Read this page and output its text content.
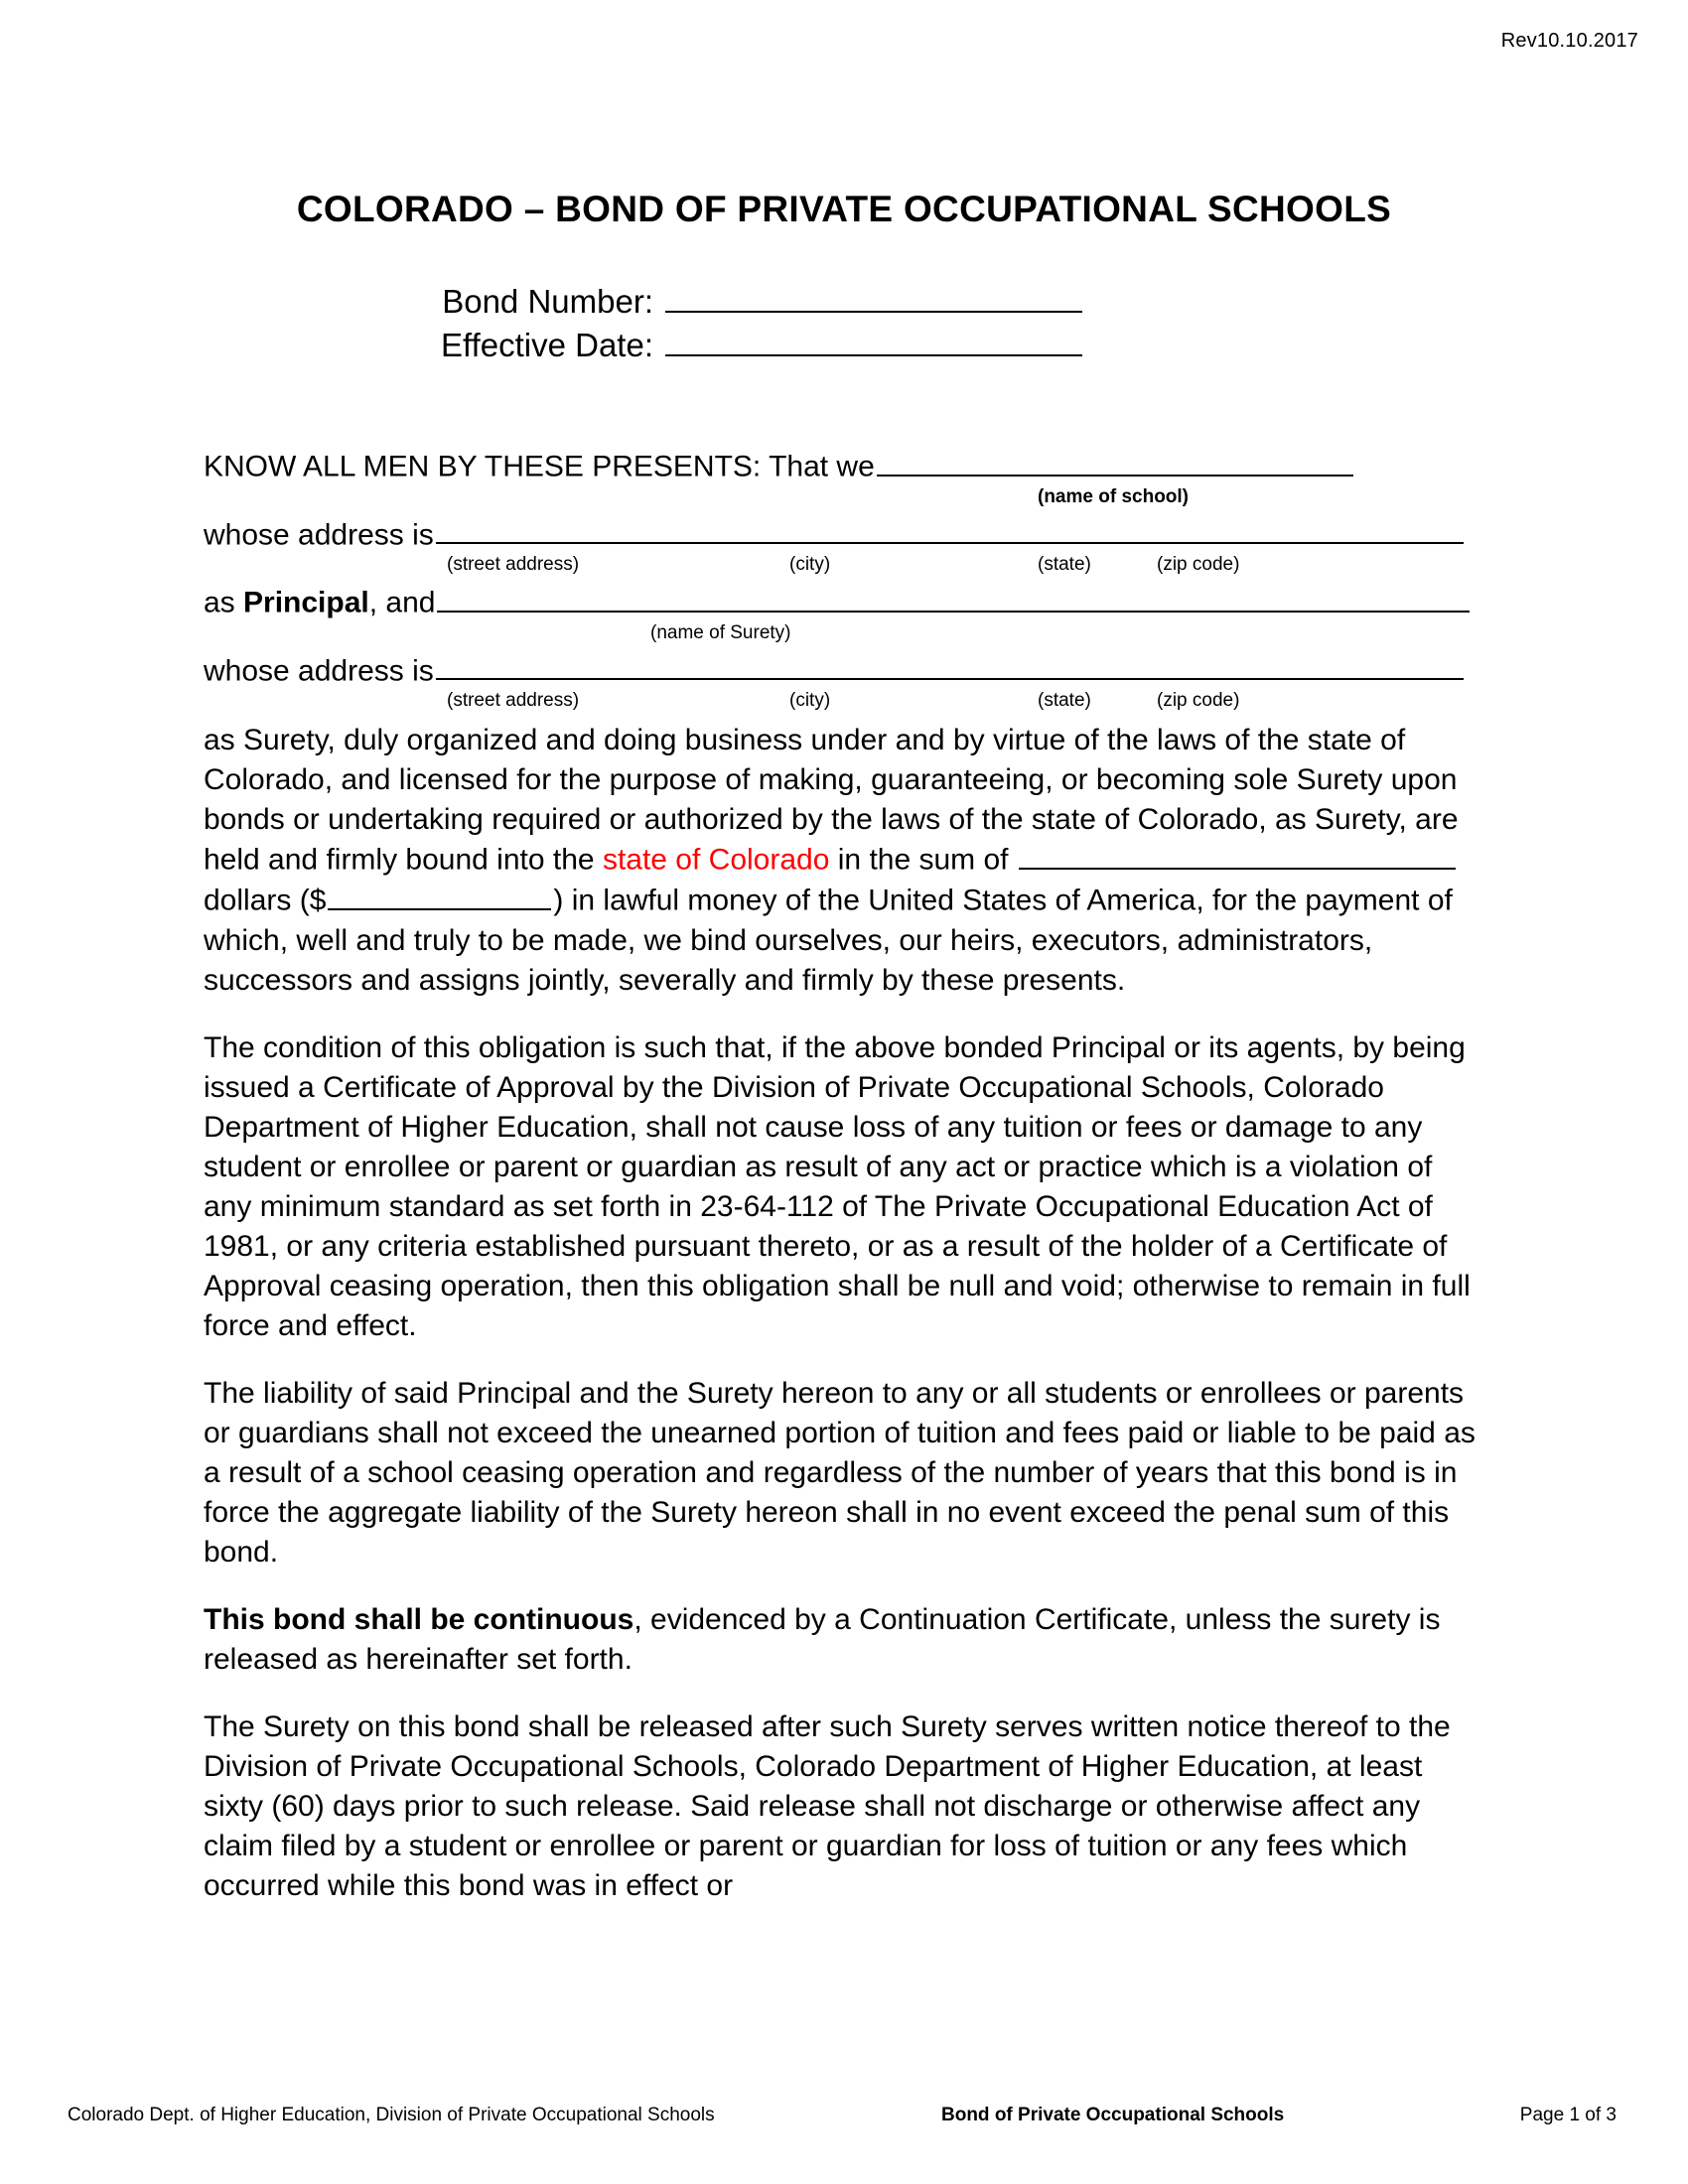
Rev10.10.2017
COLORADO – BOND OF PRIVATE OCCUPATIONAL SCHOOLS
Bond Number:
Effective Date:
KNOW ALL MEN BY THESE PRESENTS: That we
(name of school)
whose address is
(street address)	(city)	(state)	(zip code)
as Principal, and
(name of Surety)
whose address is
(street address)	(city)	(state)	(zip code)

as Surety, duly organized and doing business under and by virtue of the laws of the state of Colorado, and licensed for the purpose of making, guaranteeing, or becoming sole Surety upon bonds or undertaking required or authorized by the laws of the state of Colorado, as Surety, are held and firmly bound into the state of Colorado in the sum of  dollars ($	) in lawful money of the United States of America, for the payment of which, well and truly to be made, we bind ourselves, our heirs, executors, administrators, successors and assigns jointly, severally and firmly by these presents.

The condition of this obligation is such that, if the above bonded Principal or its agents, by being issued a Certificate of Approval by the Division of Private Occupational Schools, Colorado Department of Higher Education, shall not cause loss of any tuition or fees or damage to any student or enrollee or parent or guardian as result of any act or practice which is a violation of any minimum standard as set forth in 23-64-112 of The Private Occupational Education Act of 1981, or any criteria established pursuant thereto, or as a result of the holder of a Certificate of Approval ceasing operation, then this obligation shall be null and void; otherwise to remain in full force and effect.

The liability of said Principal and the Surety hereon to any or all students or enrollees or parents or guardians shall not exceed the unearned portion of tuition and fees paid or liable to be paid as a result of a school ceasing operation and regardless of the number of years that this bond is in force the aggregate liability of the Surety hereon shall in no event exceed the penal sum of this bond.

This bond shall be continuous, evidenced by a Continuation Certificate, unless the surety is released as hereinafter set forth.

The Surety on this bond shall be released after such Surety serves written notice thereof to the Division of Private Occupational Schools, Colorado Department of Higher Education, at least sixty (60) days prior to such release. Said release shall not discharge or otherwise affect any claim filed by a student or enrollee or parent or guardian for loss of tuition or any fees which occurred while this bond was in effect or

Colorado Dept. of Higher Education, Division of Private Occupational Schools	Bond of Private Occupational Schools	Page 1 of 3
